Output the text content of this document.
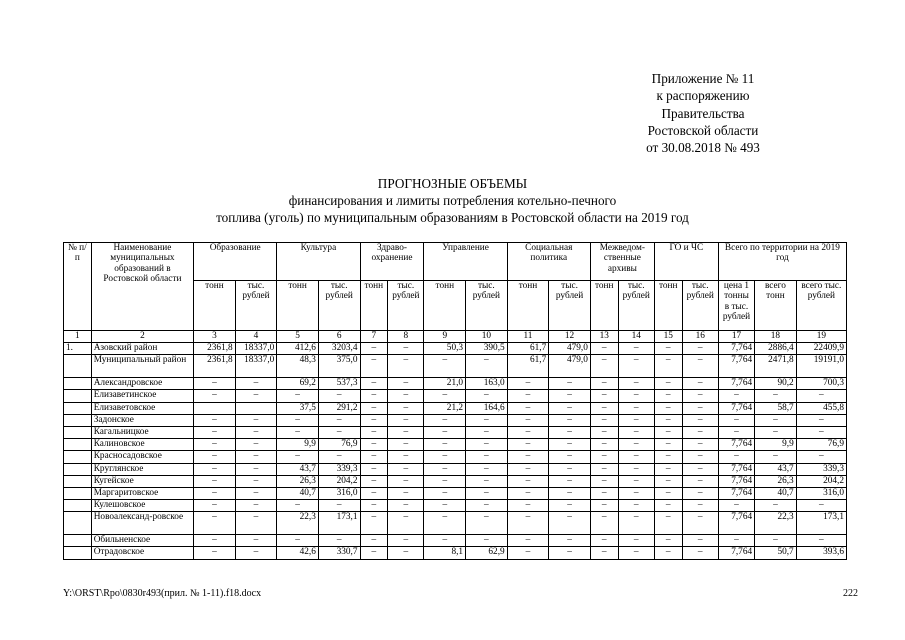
Приложение № 11
к распоряжению
Правительства
Ростовской области
от 30.08.2018 № 493
ПРОГНОЗНЫЕ ОБЪЕМЫ
финансирования и лимиты потребления котельно-печного
топлива (уголь) по муниципальным образованиям в Ростовской области на 2019 год
№ п/п	Наименование муниципальных образований в Ростовской области	Образование		Культура		Здраво-охранение		Управление		Социальная политика		Межведом-ственные архивы		ГО и ЧС		Всего по территории на 2019 год		
		тонн	тыс. рублей	тонн	тыс. рублей	тонн	тыс. рублей	тонн	тыс. рублей	тонн	тыс. рублей	тонн	тыс. рублей	тонн	тыс. рублей	цена 1 тонны в тыс. рублей	всего тонн	всего тыс. рублей
1	2	3	4	5	6	7	8	9	10	11	12	13	14	15	16	17	18	19
1.	Азовский район	2361,8	18337,0	412,6	3203,4	–	–	50,3	390,5	61,7	479,0	–	–	–	–	7,764	2886,4	22409,9
	Муниципальный район	2361,8	18337,0	48,3	375,0	–	–	–	–	61,7	479,0	–	–	–	–	7,764	2471,8	19191,0
	Александровское	–	–	69,2	537,3	–	–	21,0	163,0	–	–	–	–	–	–	7,764	90,2	700,3
	Елизаветинское	–	–	–	–	–	–	–	–	–	–	–	–	–	–	–	–	–
	Елизаветовское			37,5	291,2	–	–	21,2	164,6	–	–	–	–	–	–	7,764	58,7	455,8
	Задонское	–	–	–	–	–	–	–	–	–	–	–	–	–	–	–	–	–
	Кагальницкое	–	–	–	–	–	–	–	–	–	–	–	–	–	–	–	–	–
	Калиновское	–	–	9,9	76,9	–	–	–	–	–	–	–	–	–	–	7,764	9,9	76,9
	Красносадовское	–	–	–	–	–	–	–	–	–	–	–	–	–	–	–	–	–
	Круглянское	–	–	43,7	339,3	–	–	–	–	–	–	–	–	–	–	7,764	43,7	339,3
	Кугейское	–	–	26,3	204,2	–	–	–	–	–	–	–	–	–	–	7,764	26,3	204,2
	Маргаритовское	–	–	40,7	316,0	–	–	–	–	–	–	–	–	–	–	7,764	40,7	316,0
	Кулешовское	–	–	–	–	–	–	–	–	–	–	–	–	–	–	–	–	–
	Новоалександ-ровское	–	–	22,3	173,1	–	–	–	–	–	–	–	–	–	–	7,764	22,3	173,1
	Обильненское	–	–	–	–	–	–	–	–	–	–	–	–	–	–	–	–	–
	Отрадовское	–	–	42,6	330,7	–	–	8,1	62,9	–	–	–	–	–	–	7,764	50,7	393,6
Y:\ORST\Rpo\0830r493(прил. № 1-11).f18.docx	222
